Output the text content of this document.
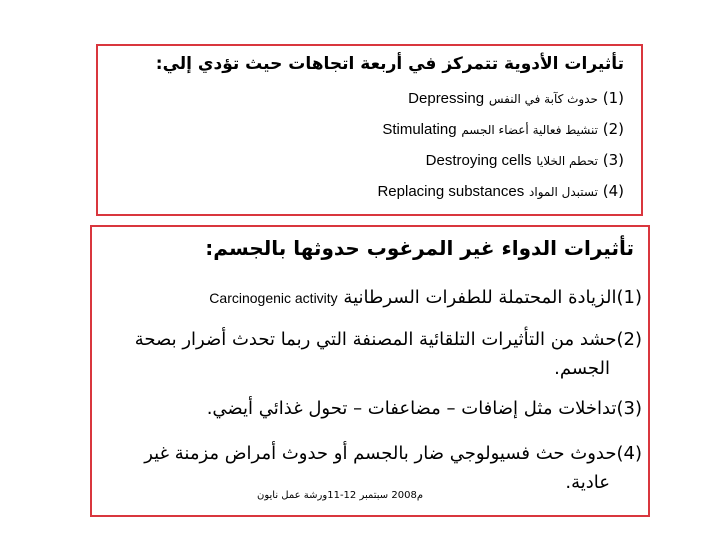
تأثيرات الأدوية تتمركز في أربعة اتجاهات حيث تؤدي إلي:
(1) حدوث كآبة في النفس Depressing
(2) تنشيط فعالية أعضاء الجسم Stimulating
(3) تحطم الخلايا Destroying cells
(4) تستبدل المواد Replacing substances
تأثيرات الدواء غير المرغوب حدوثها بالجسم:
(1)الزيادة المحتملة للطفرات السرطانية Carcinogenic activity
(2)حشد من التأثيرات التلقائية المصنفة التي ربما تحدث أضرار بصحة
الجسم.
(3)تداخلات مثل إضافات – مضاعفات – تحول غذائي أيضي.
(4)حدوث حث فسيولوجي ضار بالجسم أو حدوث أمراض مزمنة غير
عادية.
م2008 سبتمبر 12-11ورشة عمل نايون
